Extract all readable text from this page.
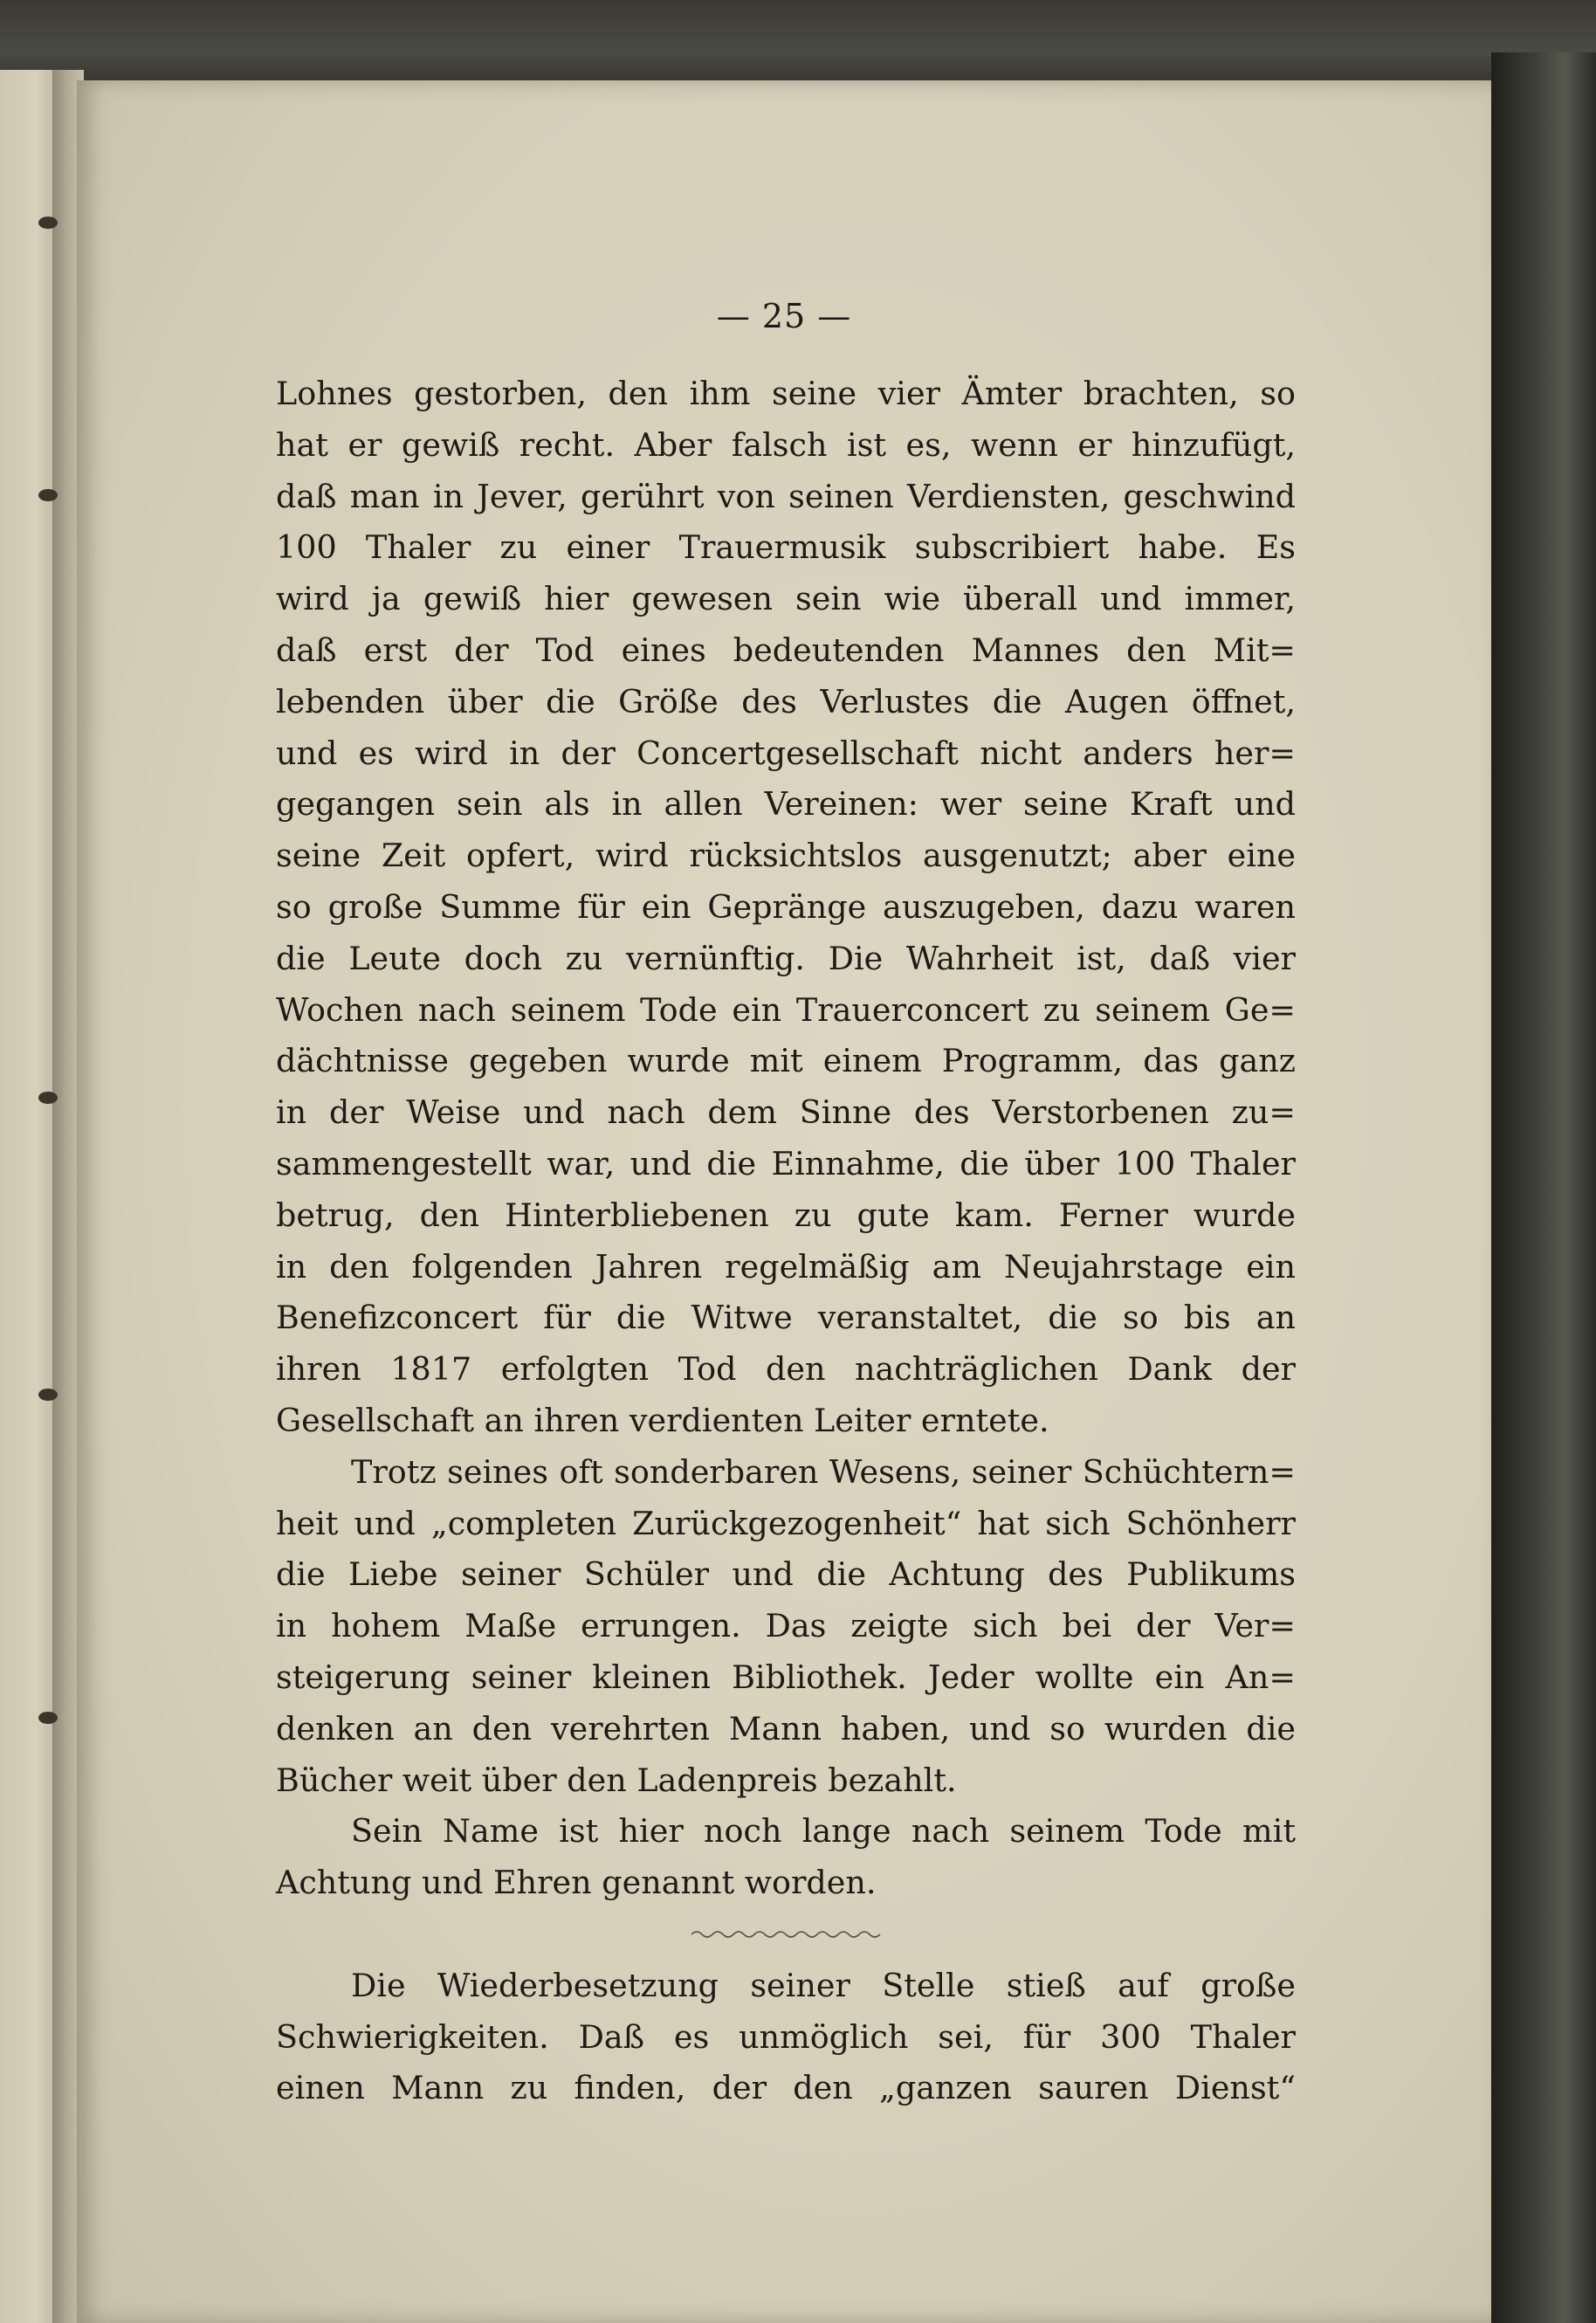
— 25 —

Lohnes gestorben, den ihm seine vier Ämter brachten, so

hat er gewiß recht. Aber falsch ist es, wenn er hinzufügt,

daß man in Jever, gerührt von seinen Verdiensten, geschwind

100 Thaler zu einer Trauermusik subscribiert habe. Es

wird ja gewiß hier gewesen sein wie überall und immer,

daß erst der Tod eines bedeutenden Mannes den Mit=

lebenden über die Größe des Verlustes die Augen öffnet,

und es wird in der Concertgesellschaft nicht anders her=

gegangen sein als in allen Vereinen: wer seine Kraft und

seine Zeit opfert, wird rücksichtslos ausgenutzt; aber eine

so große Summe für ein Gepränge auszugeben, dazu waren

die Leute doch zu vernünftig. Die Wahrheit ist, daß vier

Wochen nach seinem Tode ein Trauerconcert zu seinem Ge=

dächtnisse gegeben wurde mit einem Programm, das ganz

in der Weise und nach dem Sinne des Verstorbenen zu=

sammengestellt war, und die Einnahme, die über 100 Thaler

betrug, den Hinterbliebenen zu gute kam. Ferner wurde

in den folgenden Jahren regelmäßig am Neujahrstage ein

Benefizconcert für die Witwe veranstaltet, die so bis an

ihren 1817 erfolgten Tod den nachträglichen Dank der

Gesellschaft an ihren verdienten Leiter erntete.

Trotz seines oft sonderbaren Wesens, seiner Schüchtern=

heit und „completen Zurückgezogenheit“ hat sich Schönherr

die Liebe seiner Schüler und die Achtung des Publikums

in hohem Maße errungen. Das zeigte sich bei der Ver=

steigerung seiner kleinen Bibliothek. Jeder wollte ein An=

denken an den verehrten Mann haben, und so wurden die

Bücher weit über den Ladenpreis bezahlt.

Sein Name ist hier noch lange nach seinem Tode mit

Achtung und Ehren genannt worden.

Die Wiederbesetzung seiner Stelle stieß auf große

Schwierigkeiten. Daß es unmöglich sei, für 300 Thaler

einen Mann zu finden, der den „ganzen sauren Dienst“
